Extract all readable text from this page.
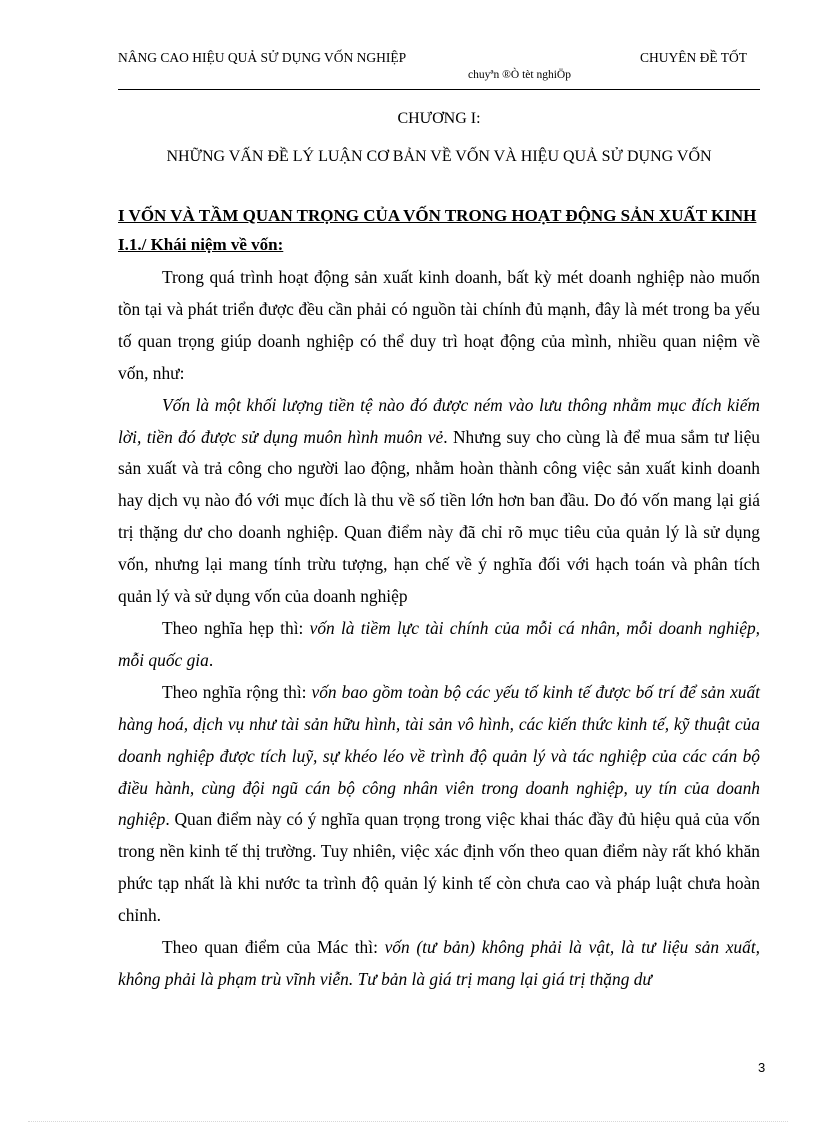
NÂNG CAO HIỆU QUẢ SỬ DỤNG VỐN NGHIỆP	CHUYÊN ĐỀ TỐT
chuyªn ®Ò tèt nghiÖp
CHƯƠNG I:
NHỮNG VẤN ĐỀ LÝ LUẬN CƠ BẢN VỀ VỐN VÀ HIỆU QUẢ SỬ DỤNG VỐN
I VỐN VÀ TẦM QUAN TRỌNG CỦA VỐN TRONG HOẠT ĐỘNG SẢN XUẤT KINH
I.1./ Khái niệm về vốn:

Trong quá trình hoạt động sản xuất kinh doanh, bất kỳ mét doanh nghiệp nào muốn tồn tại và phát triển được đều cần phải có nguồn tài chính đủ mạnh, đây là mét trong ba yếu tố quan trọng giúp doanh nghiệp có thể duy trì hoạt động của mình, nhiều quan niệm về vốn, như:

Vốn là một khối lượng tiền tệ nào đó được ném vào lưu thông nhằm mục đích kiếm lời, tiền đó được sử dụng muôn hình muôn vẻ. Nhưng suy cho cùng là để mua sắm tư liệu sản xuất và trả công cho người lao động, nhằm hoàn thành công việc sản xuất kinh doanh hay dịch vụ nào đó với mục đích là thu về số tiền lớn hơn ban đầu. Do đó vốn mang lại giá trị thặng dư cho doanh nghiệp. Quan điểm này đã chỉ rõ mục tiêu của quản lý là sử dụng vốn, nhưng lại mang tính trừu tượng, hạn chế về ý nghĩa đối với hạch toán và phân tích quản lý và sử dụng vốn của doanh nghiệp

Theo nghĩa hẹp thì: vốn là tiềm lực tài chính của mỗi cá nhân, mỗi doanh nghiệp, mỗi quốc gia.

Theo nghĩa rộng thì: vốn bao gồm toàn bộ các yếu tố kinh tế được bố trí để sản xuất hàng hoá, dịch vụ như tài sản hữu hình, tài sản vô hình, các kiến thức kinh tế, kỹ thuật của doanh nghiệp được tích luỹ, sự khéo léo về trình độ quản lý và tác nghiệp của các cán bộ điều hành, cùng đội ngũ cán bộ công nhân viên trong doanh nghiệp, uy tín của doanh nghiệp. Quan điểm này có ý nghĩa quan trọng trong việc khai thác đầy đủ hiệu quả của vốn trong nền kinh tế thị trường. Tuy nhiên, việc xác định vốn theo quan điểm này rất khó khăn phức tạp nhất là khi nước ta trình độ quản lý kinh tế còn chưa cao và pháp luật chưa hoàn chỉnh.

Theo quan điểm của Mác thì: vốn (tư bản) không phải là vật, là tư liệu sản xuất, không phải là phạm trù vĩnh viễn. Tư bản là giá trị mang lại giá trị thặng dư

3
